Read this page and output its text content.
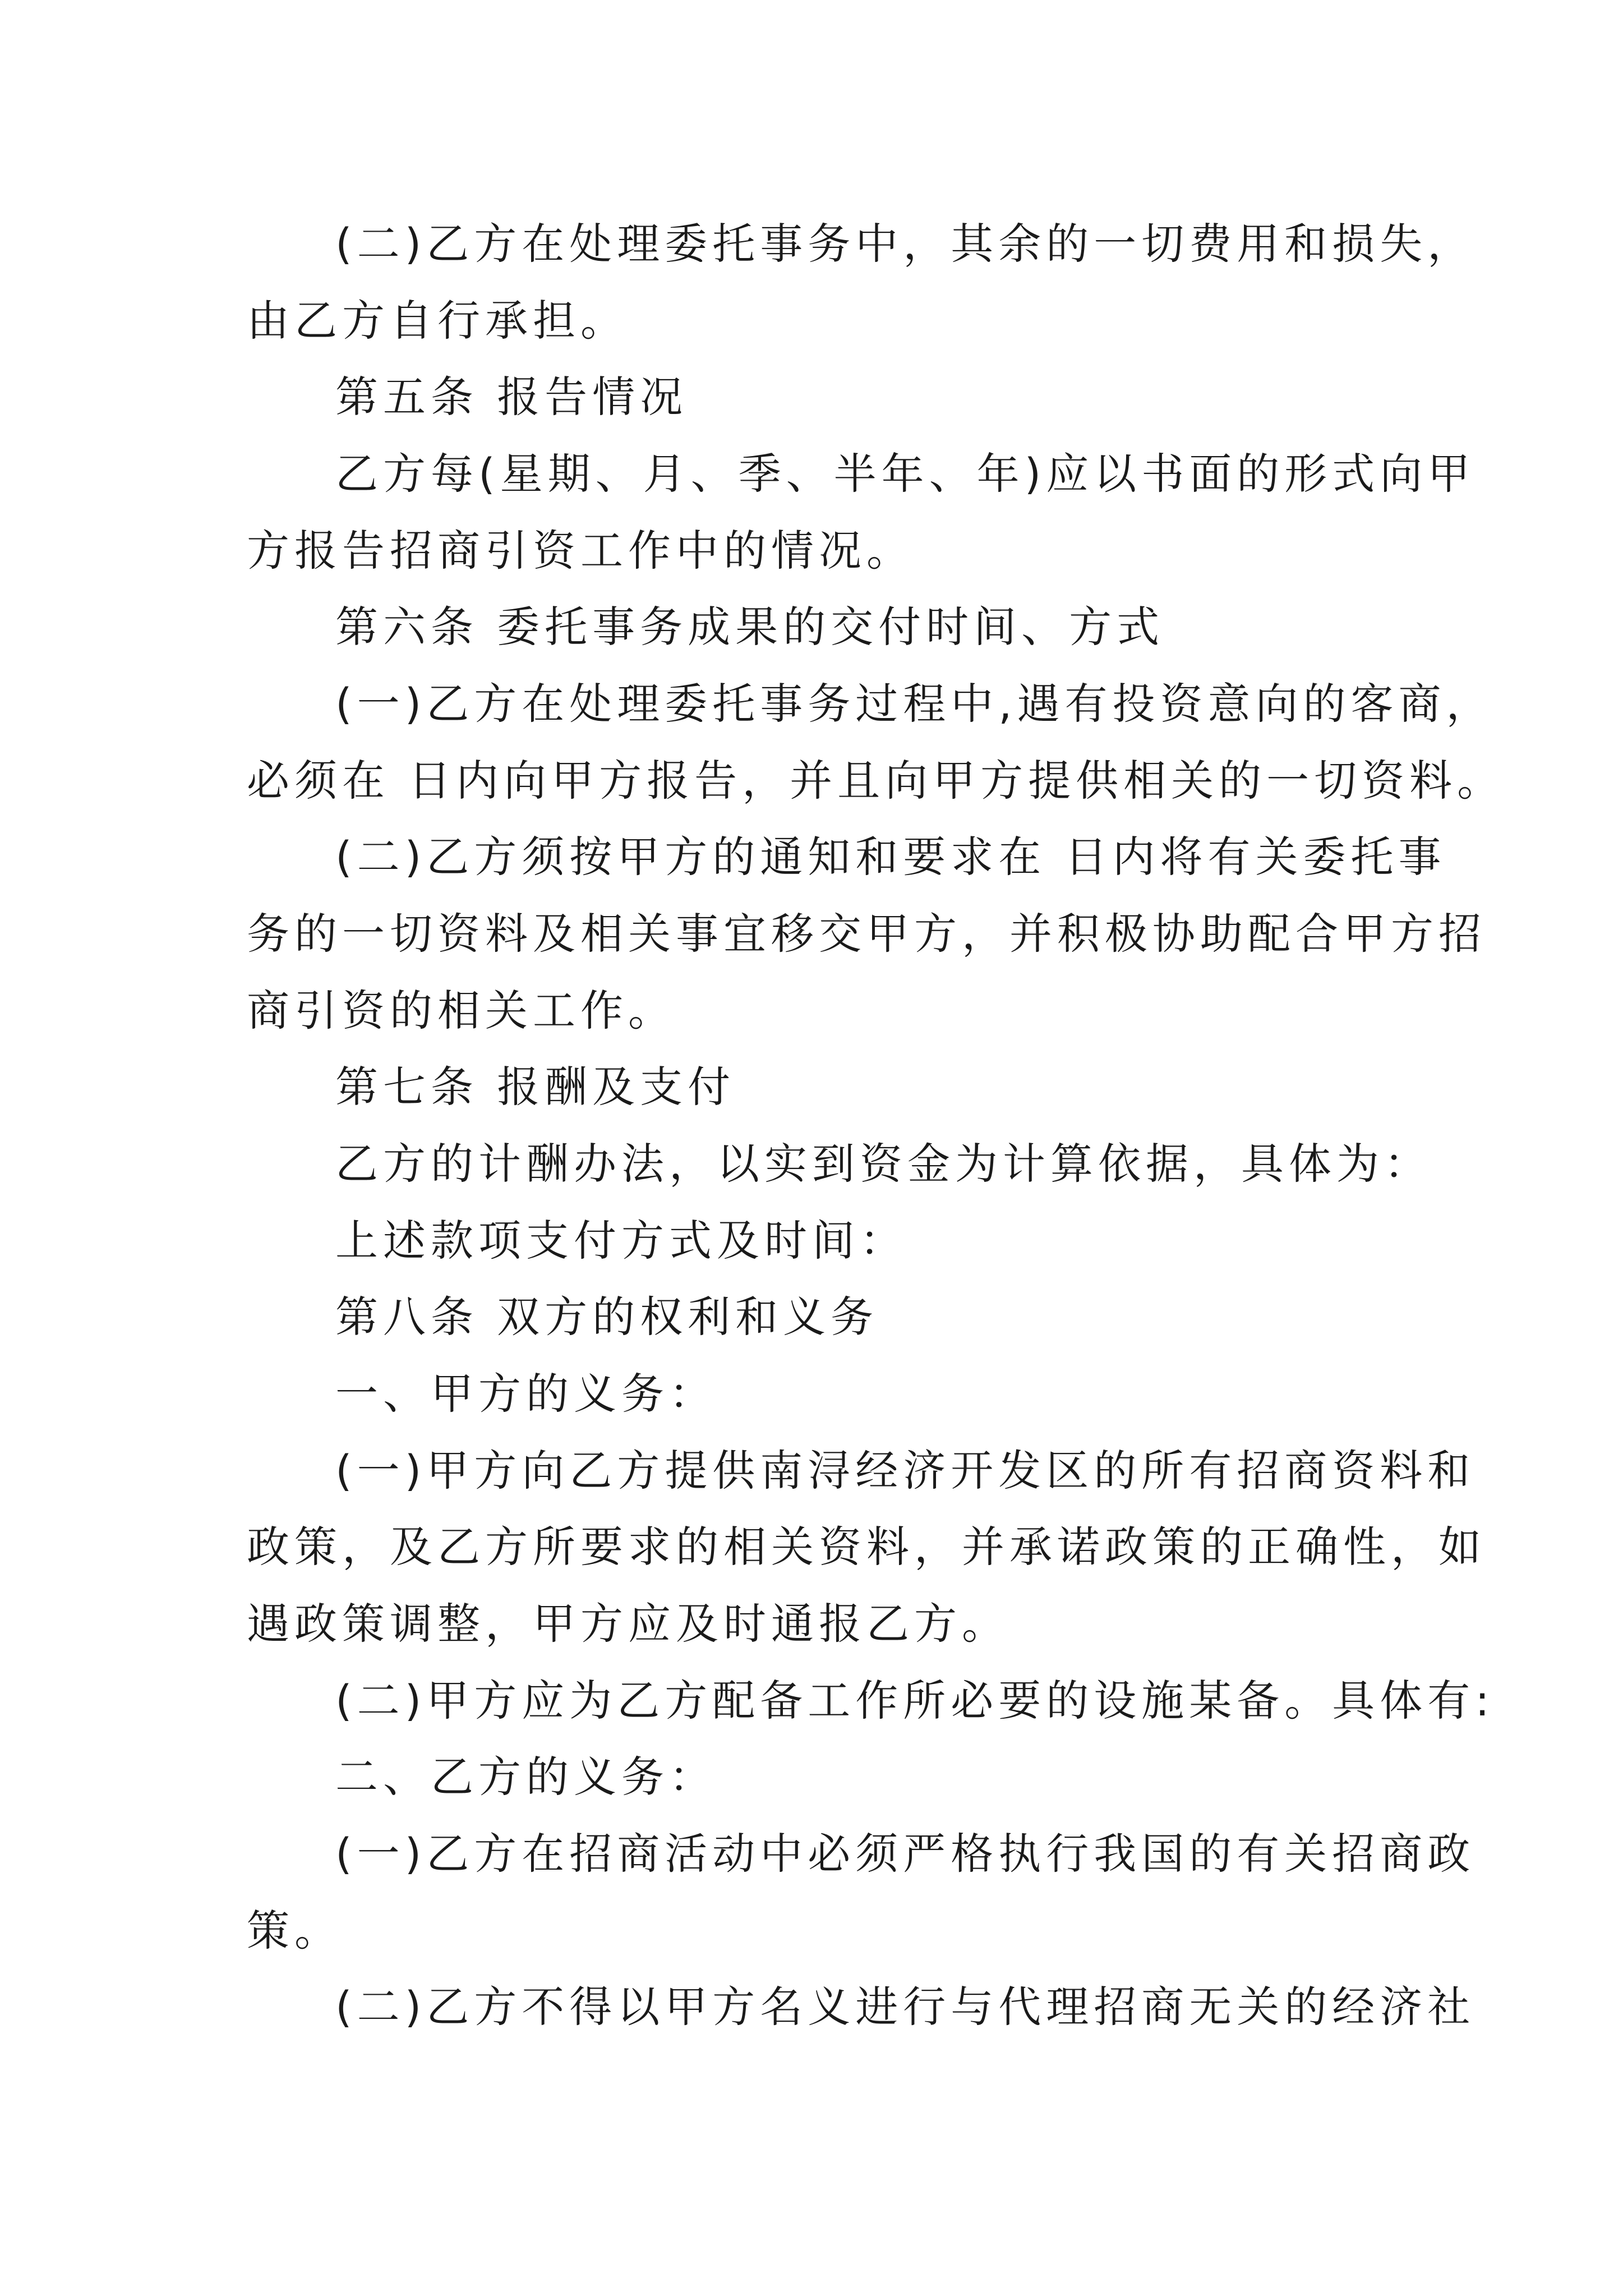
(二)乙方在处理委托事务中，其余的一切费用和损失，
由乙方自行承担。
第五条 报告情况
乙方每(星期、月、季、半年、年)应以书面的形式向甲
方报告招商引资工作中的情况。
第六条 委托事务成果的交付时间、方式
(一)乙方在处理委托事务过程中,遇有投资意向的客商，
必须在 日内向甲方报告，并且向甲方提供相关的一切资料。
(二)乙方须按甲方的通知和要求在 日内将有关委托事
务的一切资料及相关事宜移交甲方，并积极协助配合甲方招
商引资的相关工作。
第七条 报酬及支付
乙方的计酬办法，以实到资金为计算依据，具体为：
上述款项支付方式及时间：
第八条 双方的权利和义务
一、甲方的义务：
(一)甲方向乙方提供南浔经济开发区的所有招商资料和
政策，及乙方所要求的相关资料，并承诺政策的正确性，如
遇政策调整，甲方应及时通报乙方。
(二)甲方应为乙方配备工作所必要的设施某备。具体有:
二、乙方的义务：
(一)乙方在招商活动中必须严格执行我国的有关招商政
策。
(二)乙方不得以甲方名义进行与代理招商无关的经济社
